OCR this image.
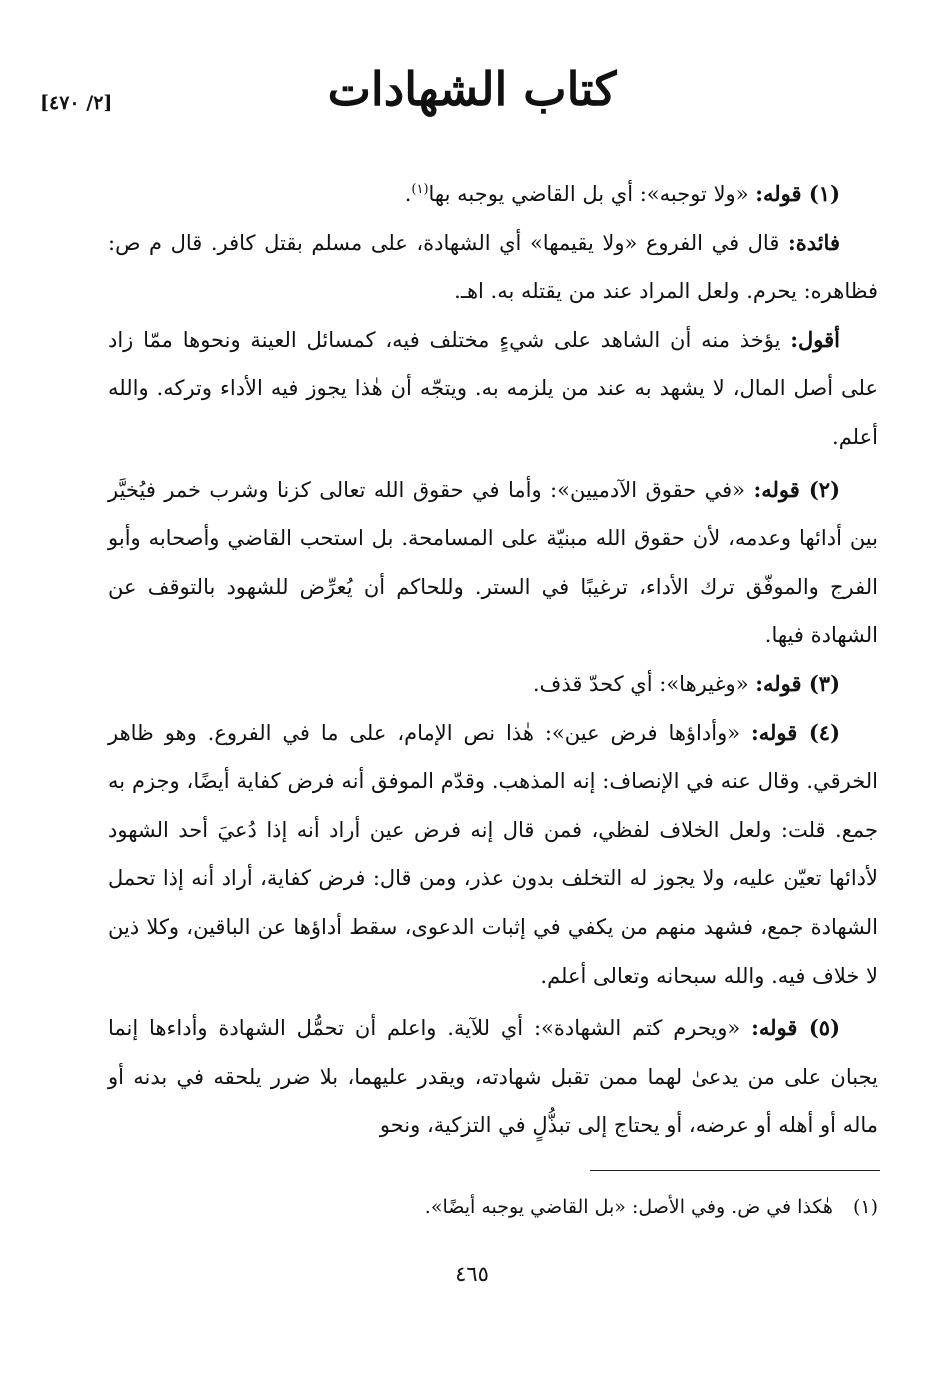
[٢/ ٤٧٠]	كتاب الشهادات

(١) قوله: «ولا توجبه»: أي بل القاضي يوجبه بها$^{(١)}$.

فائدة: قال في الفروع «ولا يقيمها» أي الشهادة، على مسلم بقتل كافر. قال م ص: فظاهره: يحرم. ولعل المراد عند من يقتله به. اهـ.

أقول: يؤخذ منه أن الشاهد على شيءٍ مختلف فيه، كمسائل العينة ونحوها ممّا زاد على أصل المال، لا يشهد به عند من يلزمه به. ويتجّه أن هٰذا يجوز فيه الأداء وتركه. والله أعلم.

(٢) قوله: «في حقوق الآدميين»: وأما في حقوق الله تعالى كزنا وشرب خمر فيُخيَّر بين أدائها وعدمه، لأن حقوق الله مبنيّة على المسامحة. بل استحب القاضي وأصحابه وأبو الفرج والموفّق ترك الأداء، ترغيبًا في الستر. وللحاكم أن يُعرِّض للشهود بالتوقف عن الشهادة فيها.

(٣) قوله: «وغيرها»: أي كحدّ قذف.

(٤) قوله: «وأداؤها فرض عين»: هٰذا نص الإمام، على ما في الفروع. وهو ظاهر الخرقي. وقال عنه في الإنصاف: إنه المذهب. وقدّم الموفق أنه فرض كفاية أيضًا، وجزم به جمع. قلت: ولعل الخلاف لفظي، فمن قال إنه فرض عين أراد أنه إذا دُعيَ أحد الشهود لأدائها تعيّن عليه، ولا يجوز له التخلف بدون عذر، ومن قال: فرض كفاية، أراد أنه إذا تحمل الشهادة جمع، فشهد منهم من يكفي في إثبات الدعوى، سقط أداؤها عن الباقين، وكلا ذين لا خلاف فيه. والله سبحانه وتعالى أعلم.

(٥) قوله: «ويحرم كتم الشهادة»: أي للآية. واعلم أن تحمُّل الشهادة وأداءها إنما يجبان على من يدعىٰ لهما ممن تقبل شهادته، ويقدر عليهما، بلا ضرر يلحقه في بدنه أو ماله أو أهله أو عرضه، أو يحتاج إلى تبذُّلٍ في التزكية، ونحو

(١)هٰكذا في ض. وفي الأصل: «بل القاضي يوجبه أيضًا».
٤٦٥
